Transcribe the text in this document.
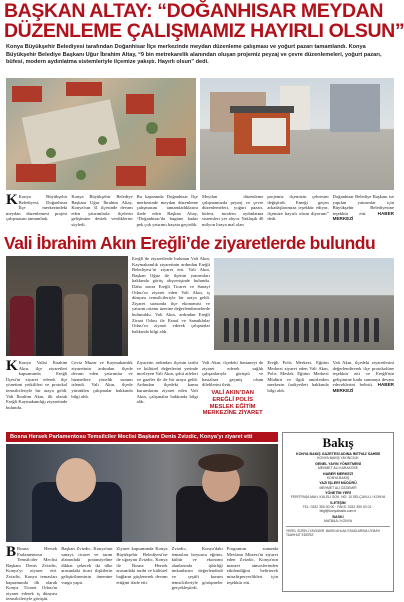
BAŞKAN ALTAY: “DOĞANHISAR MEYDAN
DÜZENLEME ÇALIŞMAMIZ HAYIRLI OLSUN”
Konya Büyükşehir Belediyesi tarafından Doğanhisar İlçe merkezinde meydan düzenleme çalışması ve yoğurt pazarı tamamlandı. Konya Büyükşehir Belediye Başkanı Uğur İbrahim Altay, “9 bin metrekarelik alanından oluşan projemiz peyzaj ve çevre düzenlemeleri, yoğurt pazarı, büfesi, modern aydınlatma sistemleriyle ilçemize yakıştı. Hayırlı olsun” dedi.
K Konya Büyükşehir Belediyesi, Doğanhisar İlçe merkezindeki meydan düzenlemesi projesi çalışmasını tamamladı.
Konya Büyükşehir Belediye Başkanı Uğur İbrahim Altay, Konya'nın 31 ilçesinde devam eden yatırımlarla ilçelerin gelişimine destek verdiklerini söyledi.
Bu kapsamda Doğanhisar İlçe merkezinde meydan düzenleme çalışmasını tamamladıklarını ifade eden Başkan Altay, “Doğanhisar'da bugüne kadar pek çok yatırımı hayata geçirdik.
Meydan düzenleme çalışmamızda peyzaj ve çevre düzenlemeleri, yoğurt pazarı, büfesi, modern aydınlatma sistemleri yer alıyor. Yaklaşık 40 milyon liraya mal olan
projemiz ilçemizin çehresini değiştirdi. Emeği geçen arkadaşlarımıza teşekkür ediyor, ilçemize hayırlı olsun diyorum” dedi.
Doğanhisar Belediye Başkanı ise yapılan yatırımlar için Büyükşehir Belediyesine teşekkür etti. HABER MERKEZİ
Vali İbrahim Akın Ereğli’de ziyaretlerde bulundu
Ereğli’de ziyaretlerde bulunan Vali Akın, Kaymakamlık ziyaretinin ardından Ereğli Belediyesi’ni ziyaret etti. Vali Akın, Başkan Oğuz ile ilçenin yatırımları hakkında görüş alışverişinde bulundu. Daha sonra Ereğli Ticaret ve Sanayi Odası’nı ziyaret eden Vali Akın, iş dünyası temsilcileriyle bir araya geldi. Ziyaret sırasında ilçe ekonomisi ve yatırım ortamı üzerine değerlendirmelerde bulunuldu. Vali Akın, ardından Ereğli Ziraat Odası ile Esnaf ve Sanatkârlar Odası’nı ziyaret ederek çalışmalar hakkında bilgi aldı.
K Konya Valisi İbrahim Akın, ilçe ziyaretleri kapsamında Ereğli İlçesi'ni ziyaret ederek ilçe yönetimi yetkilileri ve protokol temsilcileriyle bir araya geldi. Vali İbrahim Akın, ilk olarak Ereğli Kaymakamlığı ziyaretinde bulundu.
Ceviz Mazar ve Kaymakamlık ziyaretinin ardından ilçede devam eden yatırımlar ve hizmetlere yönelik sunum izlendi. Vali Akın, ilçede yürütülen çalışmalar hakkında bilgi aldı.
Ziyaretin ardından ilçenin tarihi ve kültürel değerlerini yerinde inceleyen Vali Akın, şehit aileleri ve gaziler ile de bir araya geldi. Ardından ilçedeki kamu kurumlarını ziyaret eden Vali Akın, çalışmalar hakkında bilgi aldı.
Vali Akın, ilçedeki hastaneyi de ziyaret ederek sağlık çalışanlarıyla görüştü ve hastalara geçmiş olsun dileklerini iletti.
VALİ AKIN’DAN EREĞLİ POLİS MESLEK EĞİTİM MERKEZİNE ZİYARET
Ereğli Polis Merkezi, Eğitim Merkezi ziyaret eden Vali Akın, Polis Meslek Eğitim Merkezi Müdürü ve ilgili amirlerden merkezin faaliyetleri hakkında bilgi aldı.
Vali Akın, ilçedeki ziyaretlerini değerlendirerek ilçe protokolüne teşekkür etti ve Ereğli'nin gelişimine katkı sunmaya devam edeceklerini belirtti. HABER MERKEZİ
Bosna Hersek Parlamentosu Temsilciler Meclisi Başkanı Denis Zvizdic, Konya’yı ziyaret etti
B Bosna Hersek Parlamentosu Temsilciler Meclisi Başkanı Denis Zvizdic, Konya'yı ziyaret etti. Zvizdic, Konya temasları kapsamında ilk olarak Konya Ticaret Odası'nı ziyaret ederek iş dünyası temsilcileriyle görüştü.
Başkan Zvizdic, Konya'nın sanayi, ticaret ve tarım alanındaki potansiyeline dikkat çekerek iki ülke arasındaki ticari ilişkilerin geliştirilmesinin önemine vurgu yaptı.
Ziyaret kapsamında Konya Büyükşehir Belediyesi'ne de uğrayan Zvizdic, Konya ile Bosna Hersek arasındaki tarihi ve kültürel bağların güçlenerek devam ettiğini ifade etti.
Zvizdic, Konya'daki temasları boyunca eğitim, kültür ve ekonomi alanlarında işbirliği imkanlarını değerlendirdi ve çeşitli kurum temsilcileriyle görüşmeler gerçekleştirdi.
Programın sonunda Mevlana Müzesi'ni ziyaret eden Zvizdic, Konya'nın manevi atmosferinden etkilendiğini belirterek misafirperverlikleri için teşekkür etti.
Bakış
KONYA BAKIŞ GAZETESİ ADINA İMTİYAZ SAHİBİ
KONYA BAKIŞ YAYINCILIK
GENEL YAYIN YÖNETMENİ
MEHMET ALİ KARAKÖSE
HABER MERKEZİ
KONYA BAKIŞ
YAZI İŞLERİ MÜDÜRÜ
MEHMET ALİ ÖZDEMİR
YÖNETİM YERİ
FERİTPAŞA MAH. KULELİ SOK. NO: 10 SELÇUKLU / KONYA
İLETİŞİM
TEL: 0332 350 00 00 · FAKS: 0332 350 00 01 · bilgi@konyabakis.com.tr
BASKI
MATBAA / KONYA
YEREL SÜRELİ YAYINDIR. BASIN AHLAK ESASLARINA UYMAYI TAAHHÜT EDERİZ.
